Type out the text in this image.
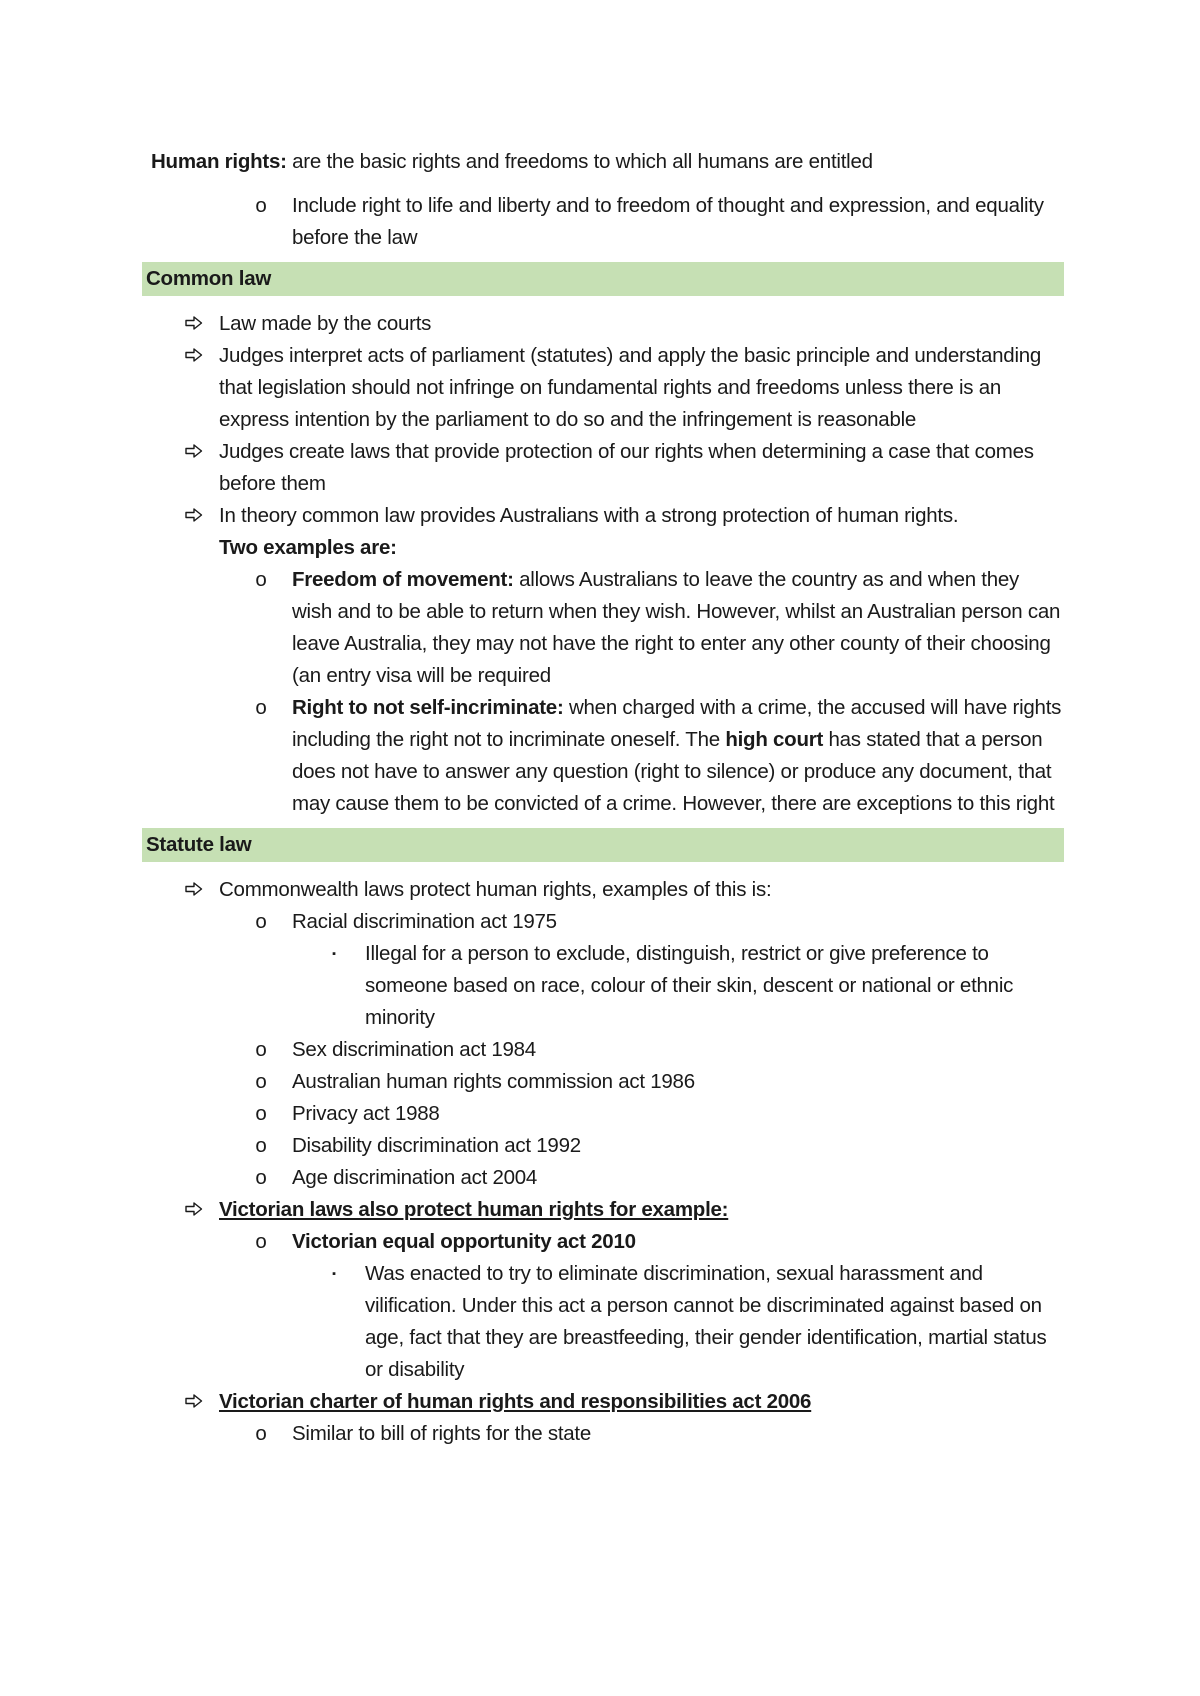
Human rights: are the basic rights and freedoms to which all humans are entitled
o Include right to life and liberty and to freedom of thought and expression, and equality before the law
Common law
Law made by the courts
Judges interpret acts of parliament (statutes) and apply the basic principle and understanding that legislation should not infringe on fundamental rights and freedoms unless there is an express intention by the parliament to do so and the infringement is reasonable
Judges create laws that provide protection of our rights when determining a case that comes before them
In theory common law provides Australians with a strong protection of human rights.
Two examples are:
o Freedom of movement: allows Australians to leave the country as and when they wish and to be able to return when they wish. However, whilst an Australian person can leave Australia, they may not have the right to enter any other county of their choosing (an entry visa will be required
o Right to not self-incriminate: when charged with a crime, the accused will have rights including the right not to incriminate oneself. The high court has stated that a person does not have to answer any question (right to silence) or produce any document, that may cause them to be convicted of a crime. However, there are exceptions to this right
Statute law
Commonwealth laws protect human rights, examples of this is:
o Racial discrimination act 1975
▪	Illegal for a person to exclude, distinguish, restrict or give preference to someone based on race, colour of their skin, descent or national or ethnic minority
o Sex discrimination act 1984
o Australian human rights commission act 1986
o Privacy act 1988
o Disability discrimination act 1992
o Age discrimination act 2004
Victorian laws also protect human rights for example:
o Victorian equal opportunity act 2010
▪	Was enacted to try to eliminate discrimination, sexual harassment and vilification. Under this act a person cannot be discriminated against based on age, fact that they are breastfeeding, their gender identification, martial status or disability
Victorian charter of human rights and responsibilities act 2006
o Similar to bill of rights for the state
